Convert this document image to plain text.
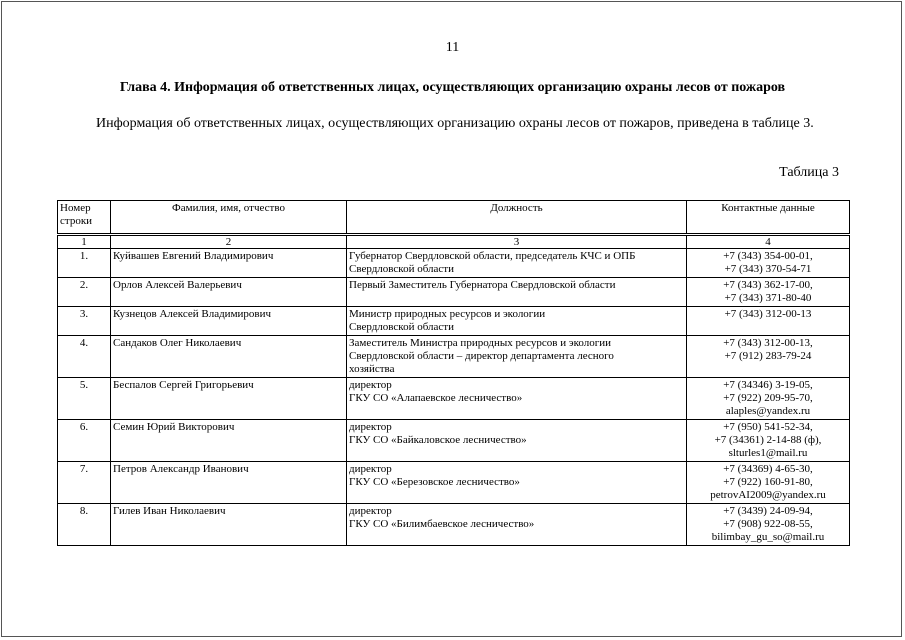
11
Глава 4. Информация об ответственных лицах, осуществляющих организацию охраны лесов от пожаров
Информация об ответственных лицах, осуществляющих организацию охраны лесов от пожаров, приведена в таблице 3.
Таблица 3
Номер строки	Фамилия, имя, отчество	Должность	Контактные данные
1	2	3	4
1.	Куйвашев Евгений Владимирович	Губернатор Свердловской области, председатель КЧС и ОПБ
Свердловской области	+7 (343) 354-00-01,
+7 (343) 370-54-71

2.	Орлов Алексей Валерьевич	Первый Заместитель Губернатора Свердловской области	+7 (343) 362-17-00,
+7 (343) 371-80-40

3.	Кузнецов Алексей Владимирович	Министр природных ресурсов и экологии
Свердловской области	+7 (343) 312-00-13

4.	Сандаков Олег Николаевич	Заместитель Министра природных ресурсов и экологии
Свердловской области – директор департамента лесного
хозяйства	+7 (343) 312-00-13,
+7 (912) 283-79-24

5.	Беспалов Сергей Григорьевич	директор
ГКУ СО «Алапаевское лесничество»	+7 (34346) 3-19-05,
+7 (922) 209-95-70,
alaples@yandex.ru

6.	Семин Юрий Викторович	директор
ГКУ СО «Байкаловское лесничество»	+7 (950) 541-52-34,
+7 (34361) 2-14-88 (ф),
slturles1@mail.ru

7.	Петров Александр Иванович	директор
ГКУ СО «Березовское лесничество»	+7 (34369) 4-65-30,
+7 (922) 160-91-80,
petrovAI2009@yandex.ru

8.	Гилев Иван Николаевич	директор
ГКУ СО «Билимбаевское лесничество»	+7 (3439) 24-09-94,
+7 (908) 922-08-55,
bilimbay_gu_so@mail.ru
